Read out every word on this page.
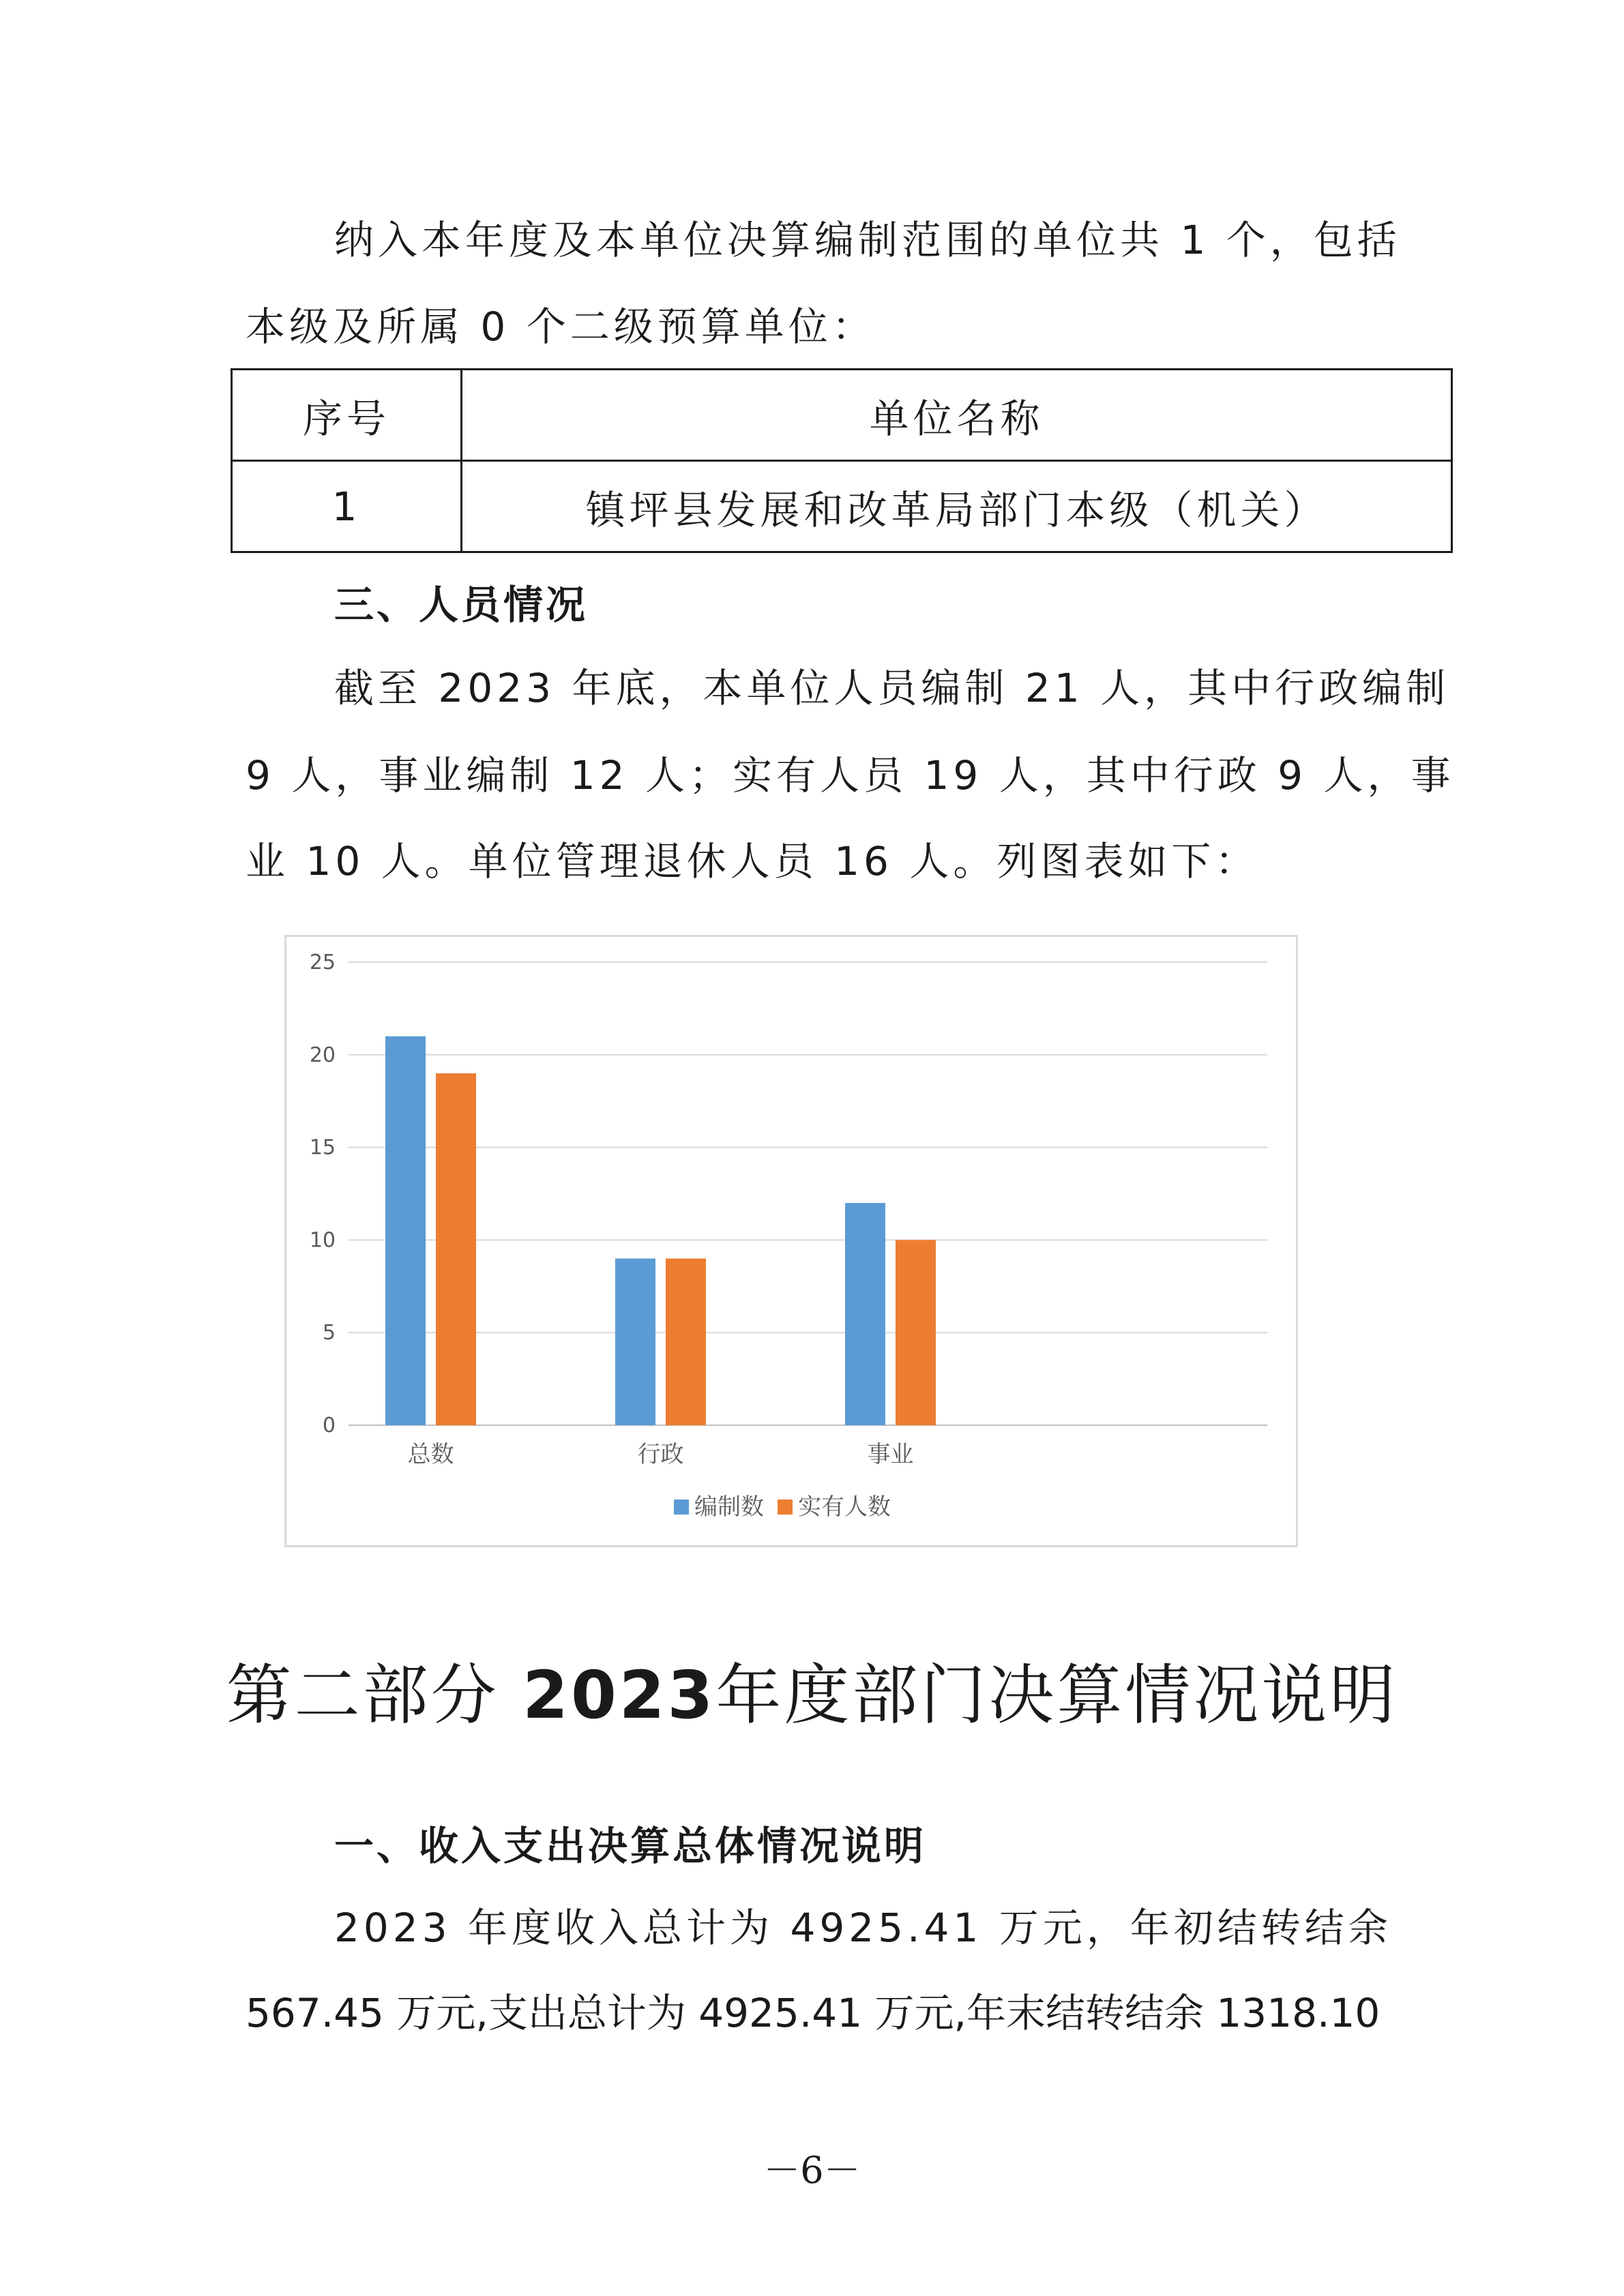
纳入本年度及本单位决算编制范围的单位共 1 个，包括

本级及所属 0 个二级预算单位：

序号	单位名称
1	镇坪县发展和改革局部门本级（机关）

三、人员情况

截至 2023 年底，本单位人员编制 21 人，其中行政编制

9 人，事业编制 12 人；实有人员 19 人，其中行政 9 人，事

业 10 人。单位管理退休人员 16 人。列图表如下：

0
5
10
15
20
25
总数	行政	事业
编制数 实有人数
第二部分 2023年度部门决算情况说明

一、收入支出决算总体情况说明

2023 年度收入总计为 4925.41 万元，年初结转结余

567.45 万元,支出总计为 4925.41 万元,年末结转结余 1318.10

－6－
